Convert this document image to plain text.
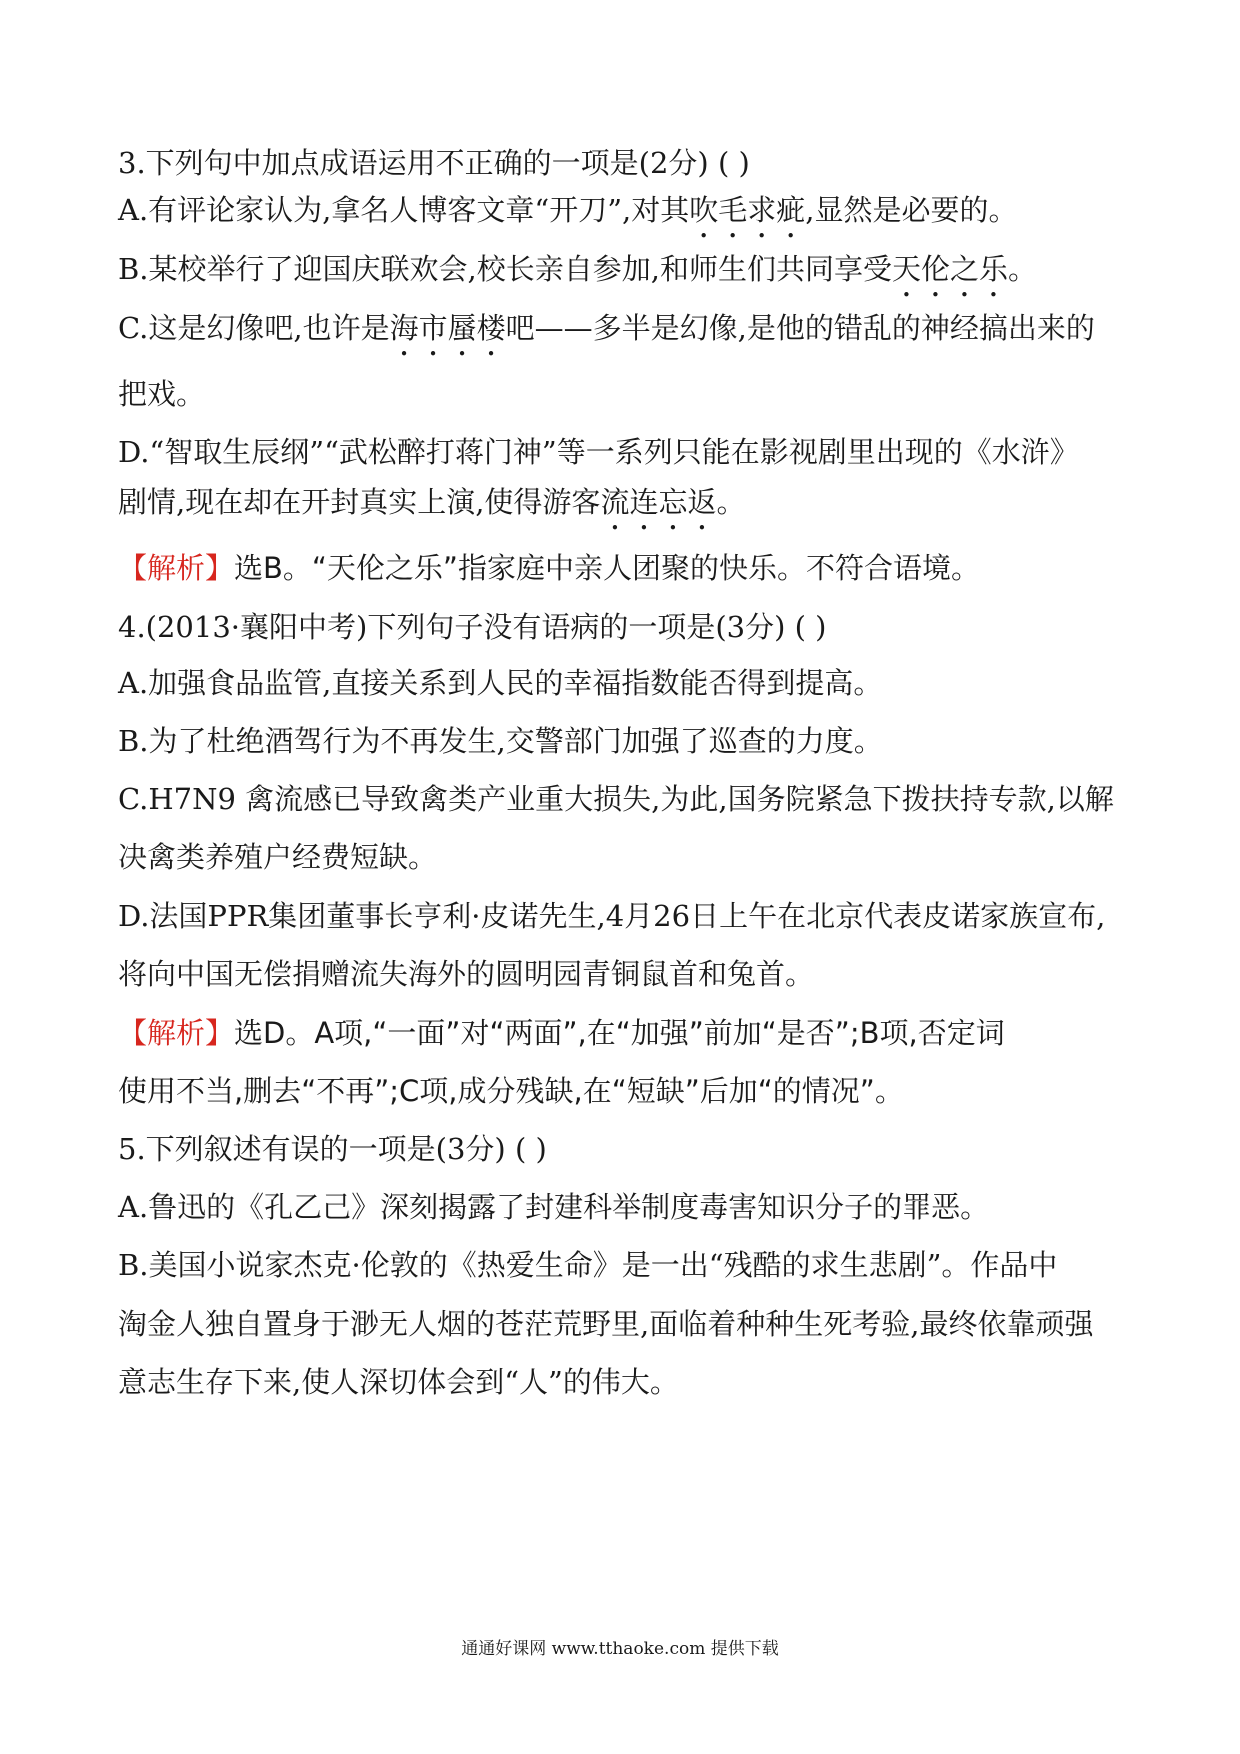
3.下列句中加点成语运用不正确的一项是(2分) ( )
A.有评论家认为,拿名人博客文章“开刀”,对其吹毛求疵,显然是必要的。
B.某校举行了迎国庆联欢会,校长亲自参加,和师生们共同享受天伦之乐。
C.这是幻像吧,也许是海市蜃楼吧——多半是幻像,是他的错乱的神经搞出来的
把戏。
D.“智取生辰纲”“武松醉打蒋门神”等一系列只能在影视剧里出现的《水浒》
剧情,现在却在开封真实上演,使得游客流连忘返。
【解析】选B。“天伦之乐”指家庭中亲人团聚的快乐。不符合语境。
4.(2013·襄阳中考)下列句子没有语病的一项是(3分) ( )
A.加强食品监管,直接关系到人民的幸福指数能否得到提高。
B.为了杜绝酒驾行为不再发生,交警部门加强了巡查的力度。
C.H7N9 禽流感已导致禽类产业重大损失,为此,国务院紧急下拨扶持专款,以解
决禽类养殖户经费短缺。
D.法国PPR集团董事长亨利·皮诺先生,4月26日上午在北京代表皮诺家族宣布,
将向中国无偿捐赠流失海外的圆明园青铜鼠首和兔首。
【解析】选D。A项,“一面”对“两面”,在“加强”前加“是否”;B项,否定词
使用不当,删去“不再”;C项,成分残缺,在“短缺”后加“的情况”。
5.下列叙述有误的一项是(3分) ( )
A.鲁迅的《孔乙己》深刻揭露了封建科举制度毒害知识分子的罪恶。
B.美国小说家杰克·伦敦的《热爱生命》是一出“残酷的求生悲剧”。作品中
淘金人独自置身于渺无人烟的苍茫荒野里,面临着种种生死考验,最终依靠顽强
意志生存下来,使人深切体会到“人”的伟大。
通通好课网 www.tthaoke.com 提供下载
